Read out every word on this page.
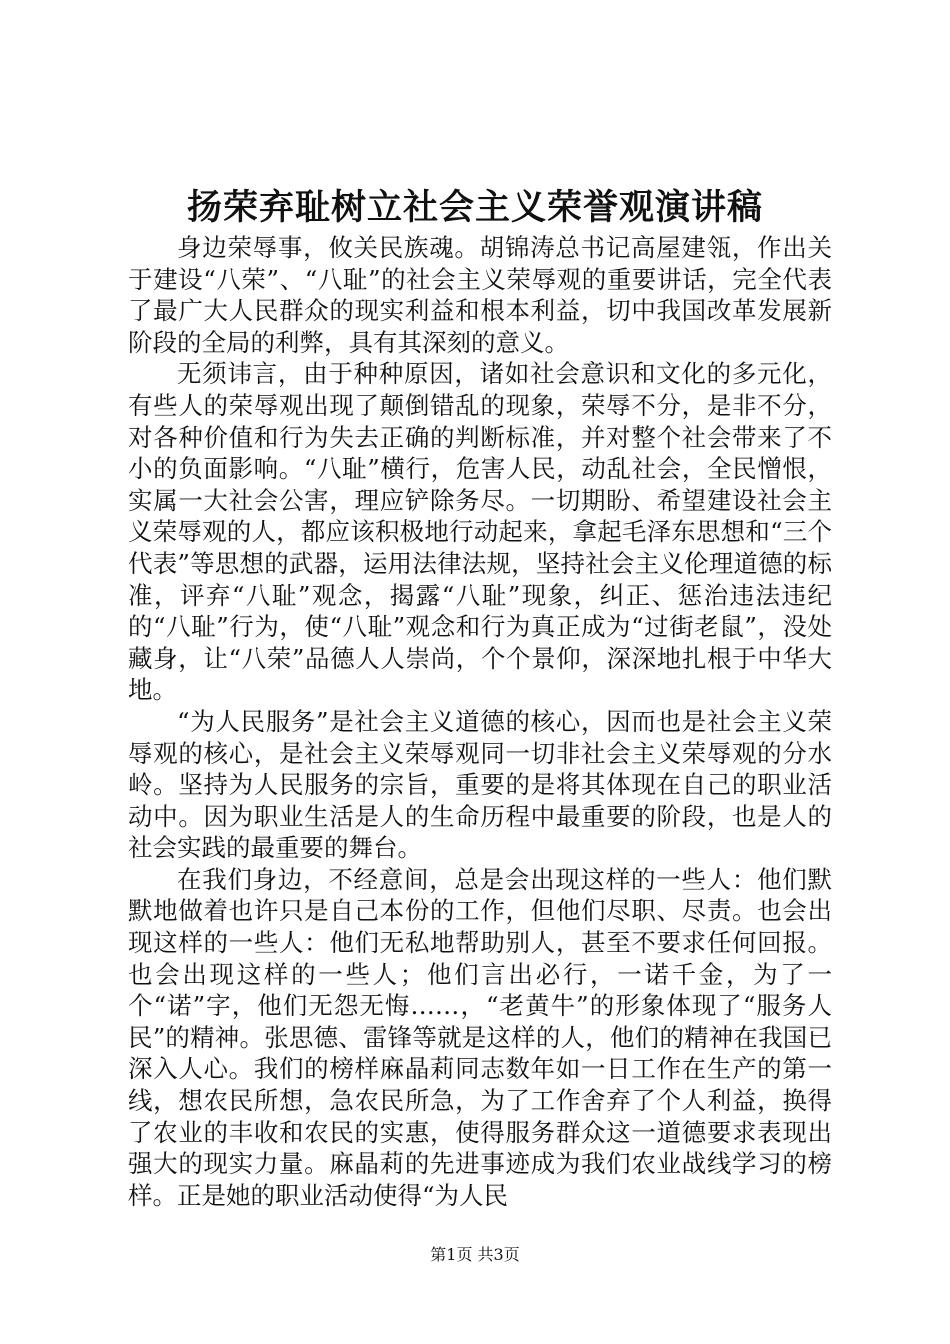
扬荣弃耻树立社会主义荣誉观演讲稿

身边荣辱事，攸关民族魂。胡锦涛总书记高屋建瓴，作出关于建设“八荣”、“八耻”的社会主义荣辱观的重要讲话，完全代表了最广大人民群众的现实利益和根本利益，切中我国改革发展新阶段的全局的利弊，具有其深刻的意义。

无须讳言，由于种种原因，诸如社会意识和文化的多元化，有些人的荣辱观出现了颠倒错乱的现象，荣辱不分，是非不分，对各种价值和行为失去正确的判断标准，并对整个社会带来了不小的负面影响。“八耻”横行，危害人民，动乱社会，全民憎恨，实属一大社会公害，理应铲除务尽。一切期盼、希望建设社会主义荣辱观的人，都应该积极地行动起来，拿起毛泽东思想和“三个代表”等思想的武器，运用法律法规，坚持社会主义伦理道德的标准，评弃“八耻”观念，揭露“八耻”现象，纠正、惩治违法违纪的“八耻”行为，使“八耻”观念和行为真正成为“过街老鼠”，没处藏身，让“八荣”品德人人崇尚，个个景仰，深深地扎根于中华大地。

“为人民服务”是社会主义道德的核心，因而也是社会主义荣辱观的核心，是社会主义荣辱观同一切非社会主义荣辱观的分水岭。坚持为人民服务的宗旨，重要的是将其体现在自己的职业活动中。因为职业生活是人的生命历程中最重要的阶段，也是人的社会实践的最重要的舞台。

在我们身边，不经意间，总是会出现这样的一些人：他们默默地做着也许只是自己本份的工作，但他们尽职、尽责。也会出现这样的一些人：他们无私地帮助别人，甚至不要求任何回报。也会出现这样的一些人；他们言出必行，一诺千金，为了一个“诺”字，他们无怨无悔……，“老黄牛”的形象体现了“服务人民”的精神。张思德、雷锋等就是这样的人，他们的精神在我国已深入人心。我们的榜样麻晶莉同志数年如一日工作在生产的第一线，想农民所想，急农民所急，为了工作舍弃了个人利益，换得了农业的丰收和农民的实惠，使得服务群众这一道德要求表现出强大的现实力量。麻晶莉的先进事迹成为我们农业战线学习的榜样。正是她的职业活动使得“为人民

第1页 共3页
